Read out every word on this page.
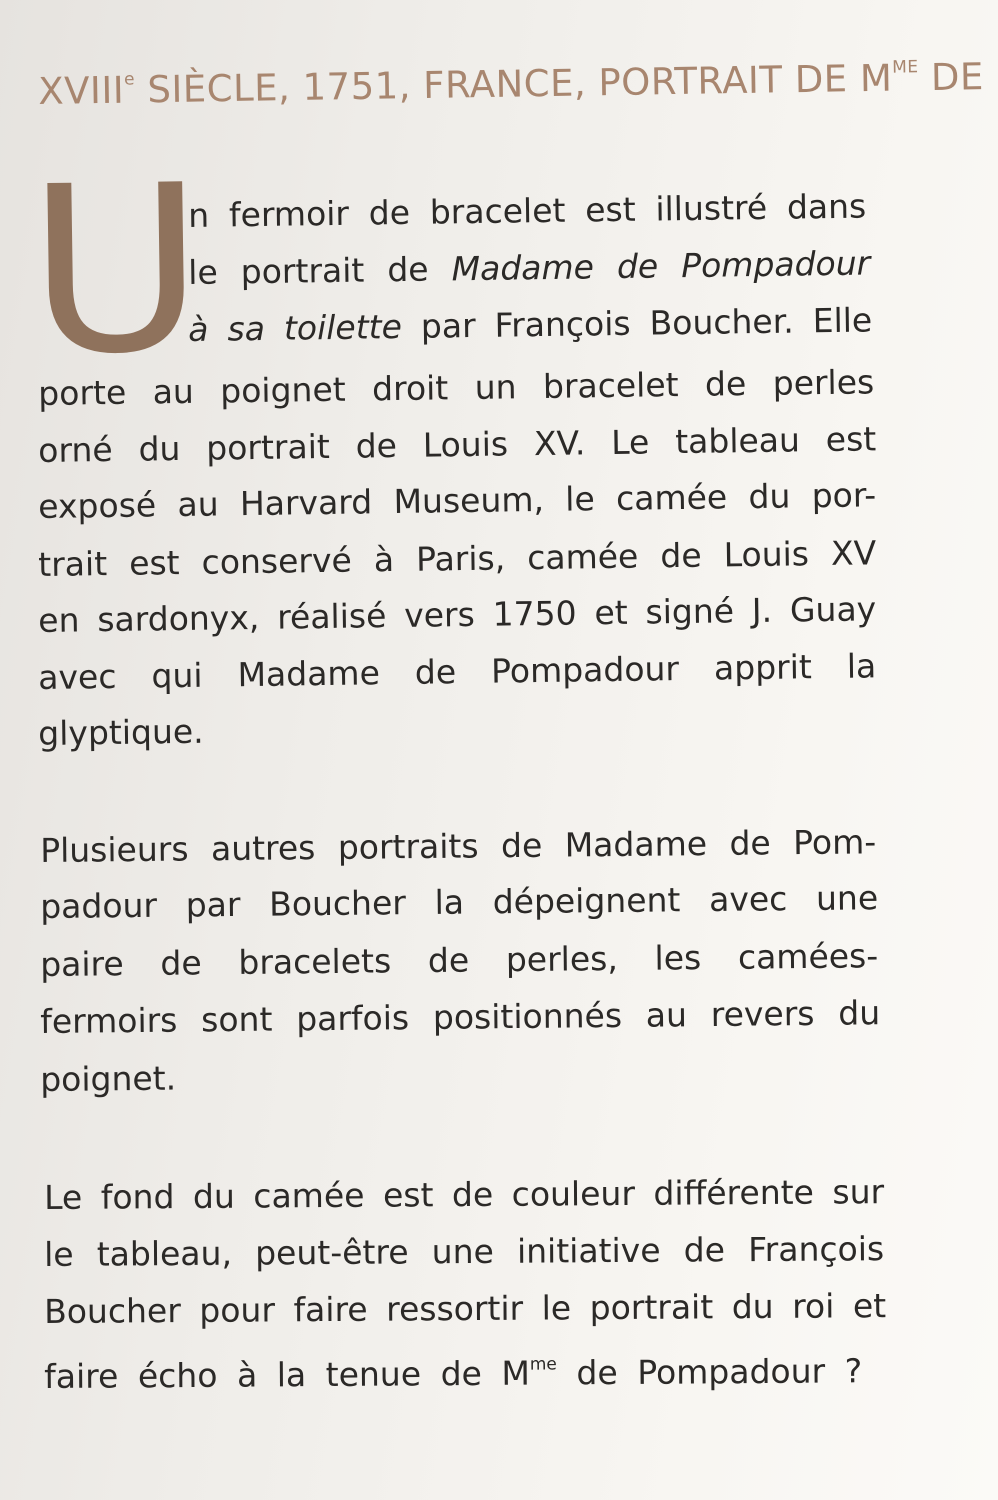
XVIIIe SIÈCLE, 1751, FRANCE, PORTRAIT DE $M^{ME}$ DE
U
n fermoir de bracelet est illustré dans
le portrait de Madame de Pompadour
à sa toilette par François Boucher. Elle
porte au poignet droit un bracelet de perles
orné du portrait de Louis XV. Le tableau est
exposé au Harvard Museum, le camée du por-
trait est conservé à Paris, camée de Louis XV
en sardonyx, réalisé vers 1750 et signé J. Guay
avec qui Madame de Pompadour apprit la
glyptique.
Plusieurs autres portraits de Madame de Pom-
padour par Boucher la dépeignent avec une
paire de bracelets de perles, les camées-
fermoirs sont parfois positionnés au revers du
poignet.
Le fond du camée est de couleur différente sur
le tableau, peut-être une initiative de François
Boucher pour faire ressortir le portrait du roi et
faire écho à la tenue de $M^{me}$ de Pompadour ?
